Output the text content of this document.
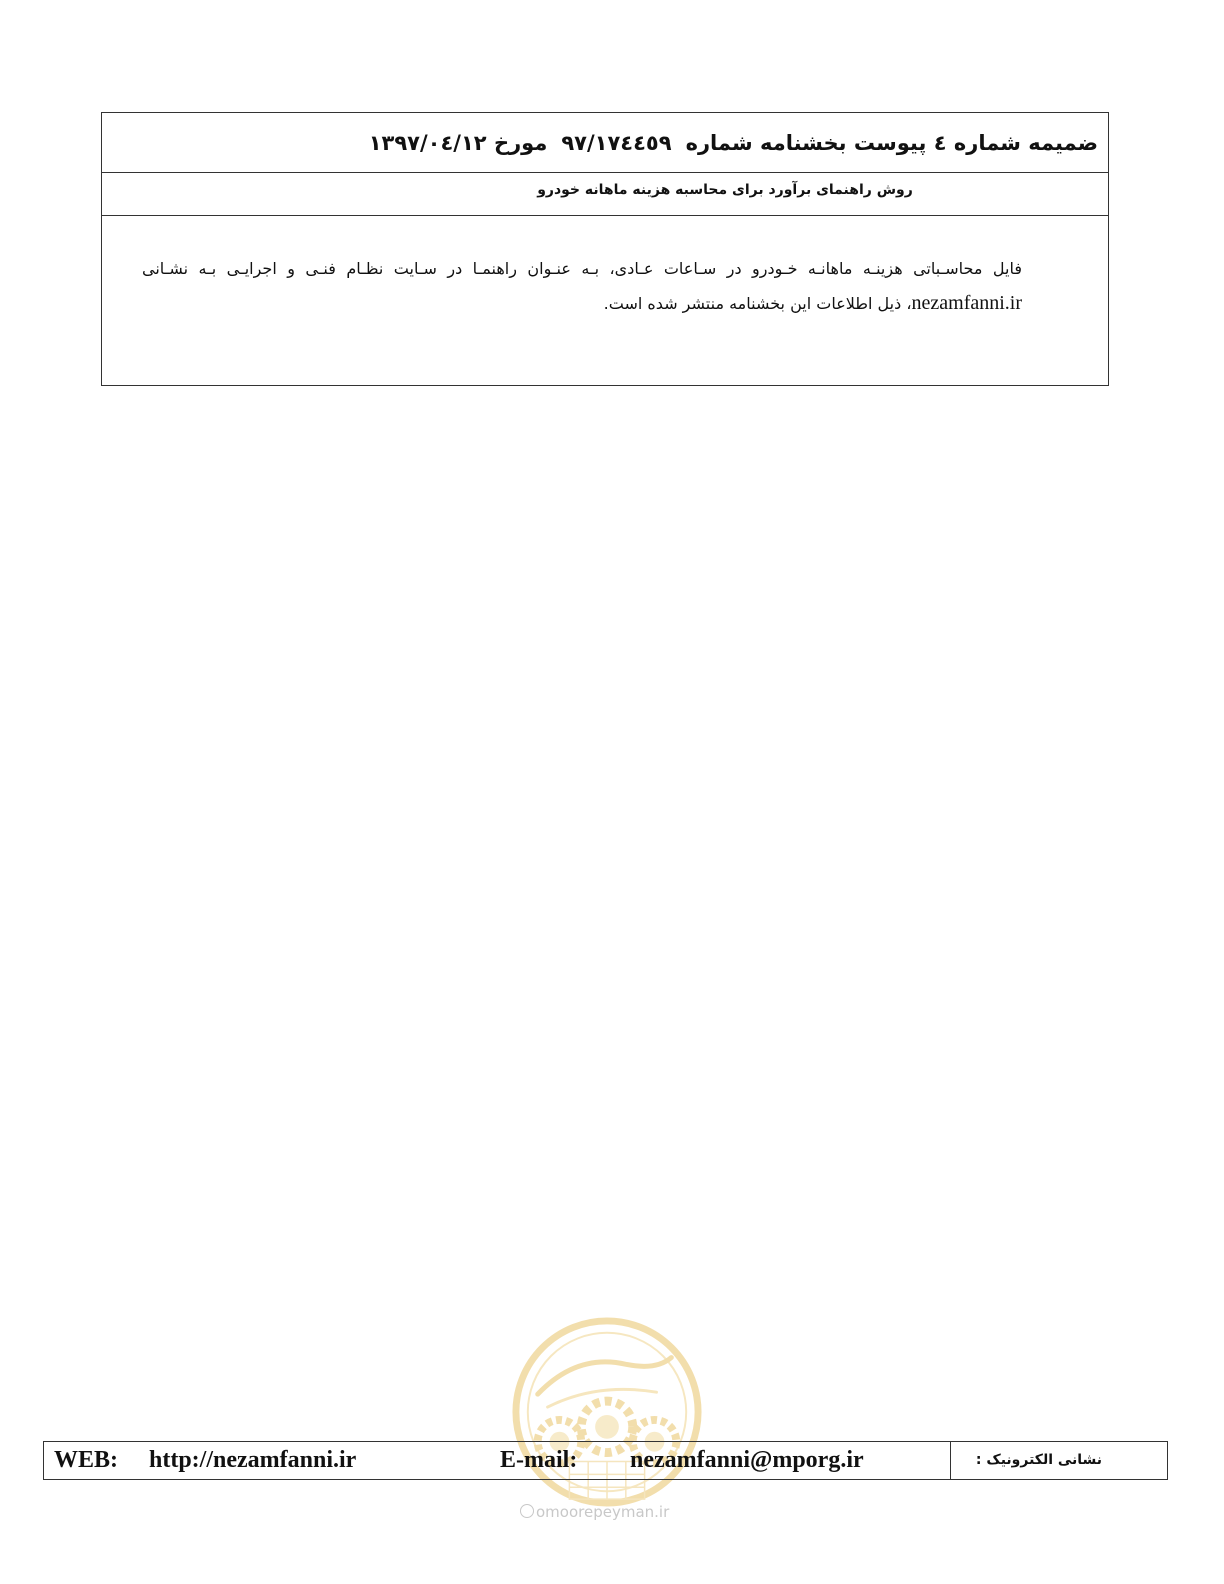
ضمیمه شماره ٤ پیوست بخشنامه شماره٩٧/١٧٤٤٥٩مورخ ١٣٩٧/٠٤/١٢
روش راهنمای برآورد برای محاسبه هزینه ماهانه خودرو
فایل محاسـباتی هزینـه ماهانـه خـودرو در سـاعات عـادی، بـه عنـوان راهنمـا در سـایت نظـام فنـی و اجرایـی بـه نشـانی
nezamfanni.ir، ذیل اطلاعات این بخشنامه منتشر شده است.
WEB: http://nezamfanni.ir	E-mail: nezamfanni@mporg.ir	نشانی الکترونیک :
omoorepeyman.ir
